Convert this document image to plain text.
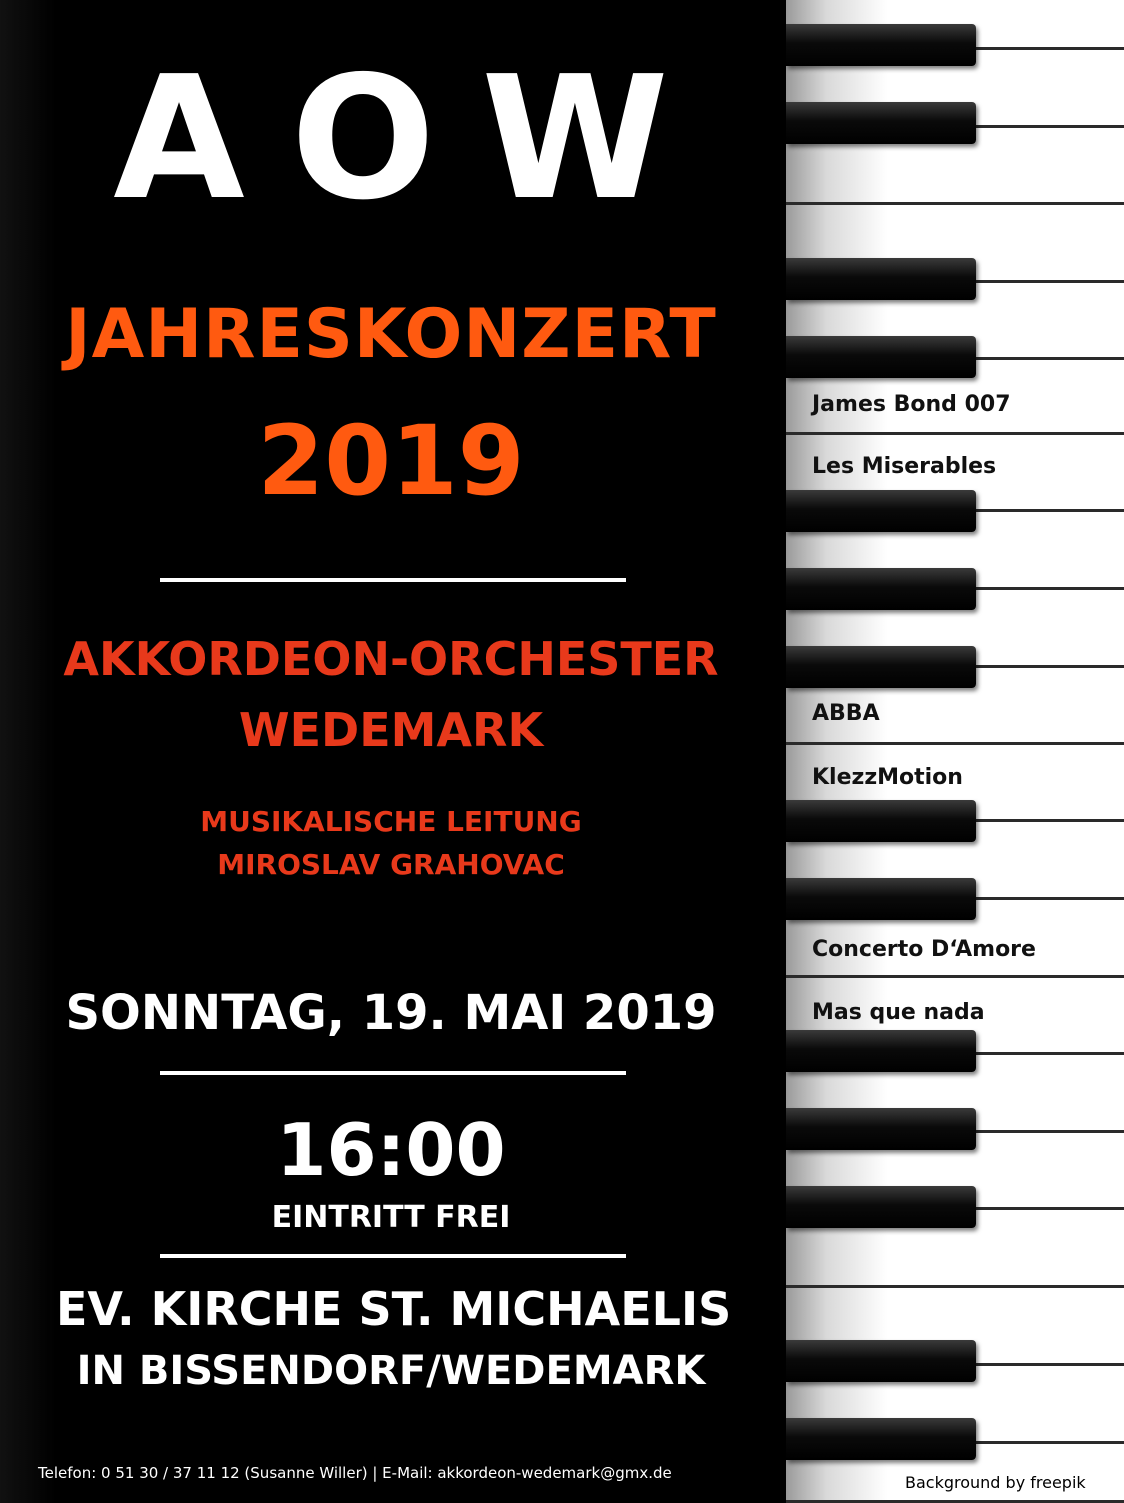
AOW
JAHRESKONZERT
2019
AKKORDEON-ORCHESTER
WEDEMARK
MUSIKALISCHE LEITUNG
MIROSLAV GRAHOVAC
SONNTAG, 19. MAI 2019
16:00
EINTRITT FREI
EV. KIRCHE ST. MICHAELIS
IN BISSENDORF/WEDEMARK
Telefon: 0 51 30 / 37 11 12 (Susanne Willer) | E-Mail: akkordeon-wedemark@gmx.de	Background by freepik
James Bond 007
Les Miserables
ABBA
KlezzMotion
Concerto D‘Amore
Mas que nada
